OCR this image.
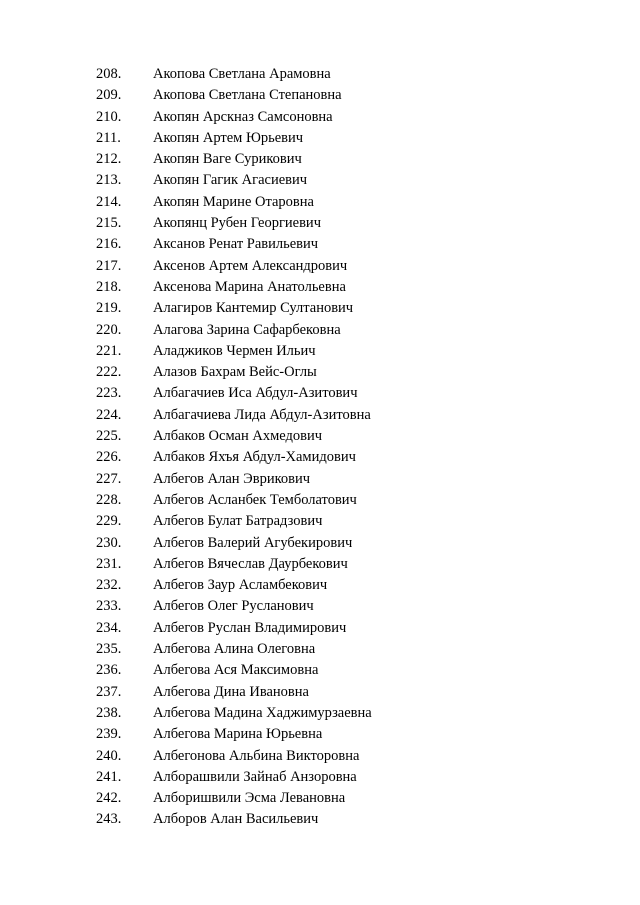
208. Акопова Светлана Арамовна
209. Акопова Светлана Степановна
210. Акопян Арскназ Самсоновна
211. Акопян Артем Юрьевич
212. Акопян Ваге Сурикович
213. Акопян Гагик Агасиевич
214. Акопян Марине Отаровна
215. Акопянц Рубен Георгиевич
216. Аксанов Ренат Равильевич
217. Аксенов Артем Александрович
218. Аксенова Марина Анатольевна
219. Алагиров Кантемир Султанович
220. Алагова Зарина Сафарбековна
221. Аладжиков Чермен Ильич
222. Алазов Бахрам Вейс-Оглы
223. Албагачиев Иса Абдул-Азитович
224. Албагачиева Лида Абдул-Азитовна
225. Албаков Осман Ахмедович
226. Албаков Яхъя Абдул-Хамидович
227. Албегов Алан Эврикович
228. Албегов Асланбек Темболатович
229. Албегов Булат Батрадзович
230. Албегов Валерий Агубекирович
231. Албегов Вячеслав Даурбекович
232. Албегов Заур Асламбекович
233. Албегов Олег Русланович
234. Албегов Руслан Владимирович
235. Албегова Алина Олеговна
236. Албегова Ася Максимовна
237. Албегова Дина Ивановна
238. Албегова Мадина Хаджимурзаевна
239. Албегова Марина Юрьевна
240. Албегонова Альбина Викторовна
241. Алборашвили Зайнаб Анзоровна
242. Алборишвили Эсма Левановна
243. Алборов Алан Васильевич
